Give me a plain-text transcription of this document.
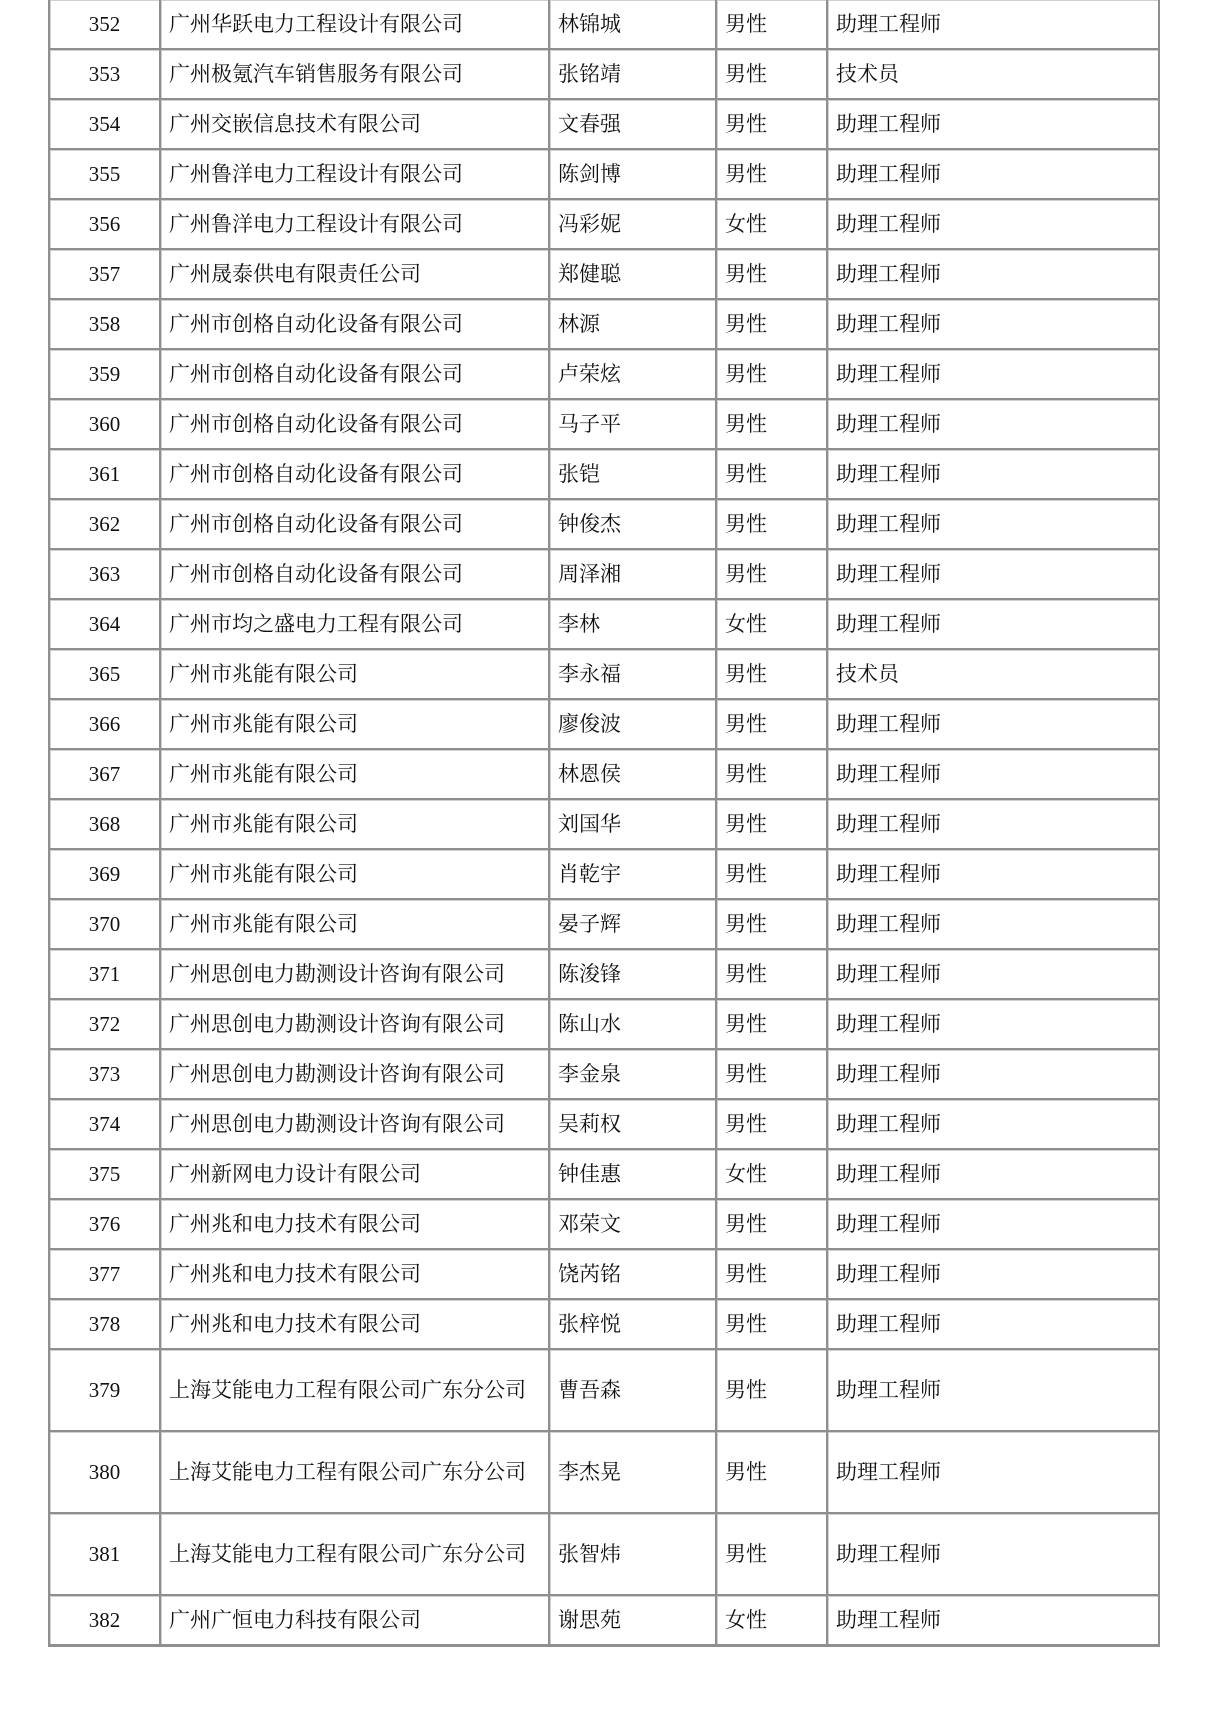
352	广州华跃电力工程设计有限公司	林锦城	男性	助理工程师
353	广州极氪汽车销售服务有限公司	张铭靖	男性	技术员
354	广州交嵌信息技术有限公司	文春强	男性	助理工程师
355	广州鲁洋电力工程设计有限公司	陈剑博	男性	助理工程师
356	广州鲁洋电力工程设计有限公司	冯彩妮	女性	助理工程师
357	广州晟泰供电有限责任公司	郑健聪	男性	助理工程师
358	广州市创格自动化设备有限公司	林源	男性	助理工程师
359	广州市创格自动化设备有限公司	卢荣炫	男性	助理工程师
360	广州市创格自动化设备有限公司	马子平	男性	助理工程师
361	广州市创格自动化设备有限公司	张铠	男性	助理工程师
362	广州市创格自动化设备有限公司	钟俊杰	男性	助理工程师
363	广州市创格自动化设备有限公司	周泽湘	男性	助理工程师
364	广州市均之盛电力工程有限公司	李林	女性	助理工程师
365	广州市兆能有限公司	李永福	男性	技术员
366	广州市兆能有限公司	廖俊波	男性	助理工程师
367	广州市兆能有限公司	林恩侯	男性	助理工程师
368	广州市兆能有限公司	刘国华	男性	助理工程师
369	广州市兆能有限公司	肖乾宇	男性	助理工程师
370	广州市兆能有限公司	晏子辉	男性	助理工程师
371	广州思创电力勘测设计咨询有限公司	陈浚锋	男性	助理工程师
372	广州思创电力勘测设计咨询有限公司	陈山水	男性	助理工程师
373	广州思创电力勘测设计咨询有限公司	李金泉	男性	助理工程师
374	广州思创电力勘测设计咨询有限公司	吴莉权	男性	助理工程师
375	广州新网电力设计有限公司	钟佳惠	女性	助理工程师
376	广州兆和电力技术有限公司	邓荣文	男性	助理工程师
377	广州兆和电力技术有限公司	饶芮铭	男性	助理工程师
378	广州兆和电力技术有限公司	张梓悦	男性	助理工程师
379	上海艾能电力工程有限公司广东分公司	曹吾森	男性	助理工程师
380	上海艾能电力工程有限公司广东分公司	李杰晃	男性	助理工程师
381	上海艾能电力工程有限公司广东分公司	张智炜	男性	助理工程师
382	广州广恒电力科技有限公司	谢思苑	女性	助理工程师
